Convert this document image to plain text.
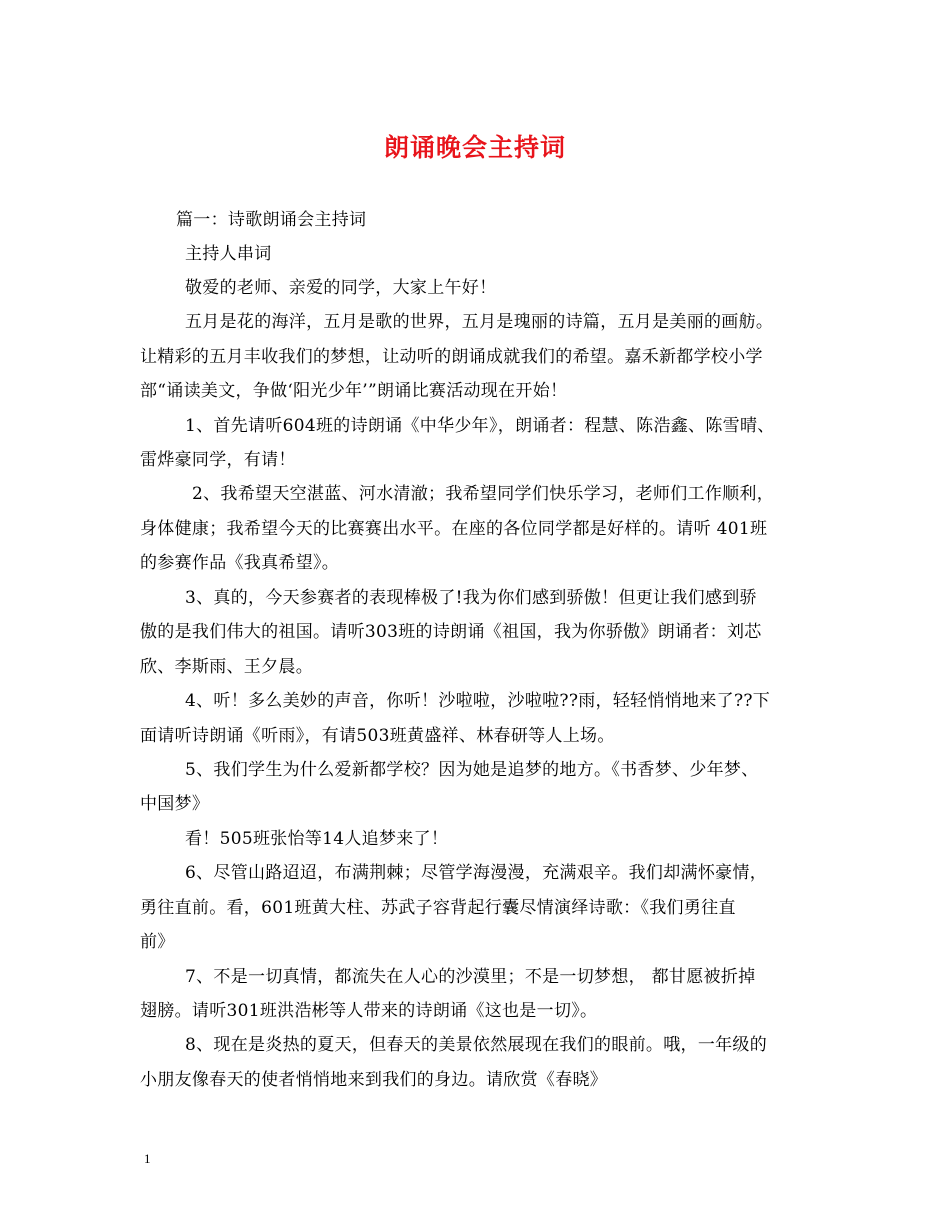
朗诵晚会主持词
篇一：诗歌朗诵会主持词
主持人串词
敬爱的老师、亲爱的同学，大家上午好！
五月是花的海洋，五月是歌的世界，五月是瑰丽的诗篇，五月是美丽的画舫。
让精彩的五月丰收我们的梦想，让动听的朗诵成就我们的希望。嘉禾新都学校小学
部“诵读美文，争做‘阳光少年’”朗诵比赛活动现在开始！
1、首先请听604班的诗朗诵《中华少年》，朗诵者：程慧、陈浩鑫、陈雪晴、
雷烨豪同学，有请！
2、我希望天空湛蓝、河水清澈；我希望同学们快乐学习，老师们工作顺利，
身体健康；我希望今天的比赛赛出水平。在座的各位同学都是好样的。请听 401班
的参赛作品《我真希望》。
3、真的，今天参赛者的表现棒极了!我为你们感到骄傲！但更让我们感到骄
傲的是我们伟大的祖国。请听303班的诗朗诵《祖国，我为你骄傲》朗诵者：刘芯
欣、李斯雨、王夕晨。
4、听！多么美妙的声音，你听！沙啦啦，沙啦啦??雨，轻轻悄悄地来了??下
面请听诗朗诵《听雨》，有请503班黄盛祥、林春研等人上场。
5、我们学生为什么爱新都学校？因为她是追梦的地方。《书香梦、少年梦、
中国梦》
看！505班张怡等14人追梦来了！
6、尽管山路迢迢，布满荆棘；尽管学海漫漫，充满艰辛。我们却满怀豪情，
勇往直前。看，601班黄大柱、苏武子容背起行囊尽情演绎诗歌：《我们勇往直
前》
7、不是一切真情，都流失在人心的沙漠里；不是一切梦想， 都甘愿被折掉
翅膀。请听301班洪浩彬等人带来的诗朗诵《这也是一切》。
8、现在是炎热的夏天，但春天的美景依然展现在我们的眼前。哦，一年级的
小朋友像春天的使者悄悄地来到我们的身边。请欣赏《春晓》
1
